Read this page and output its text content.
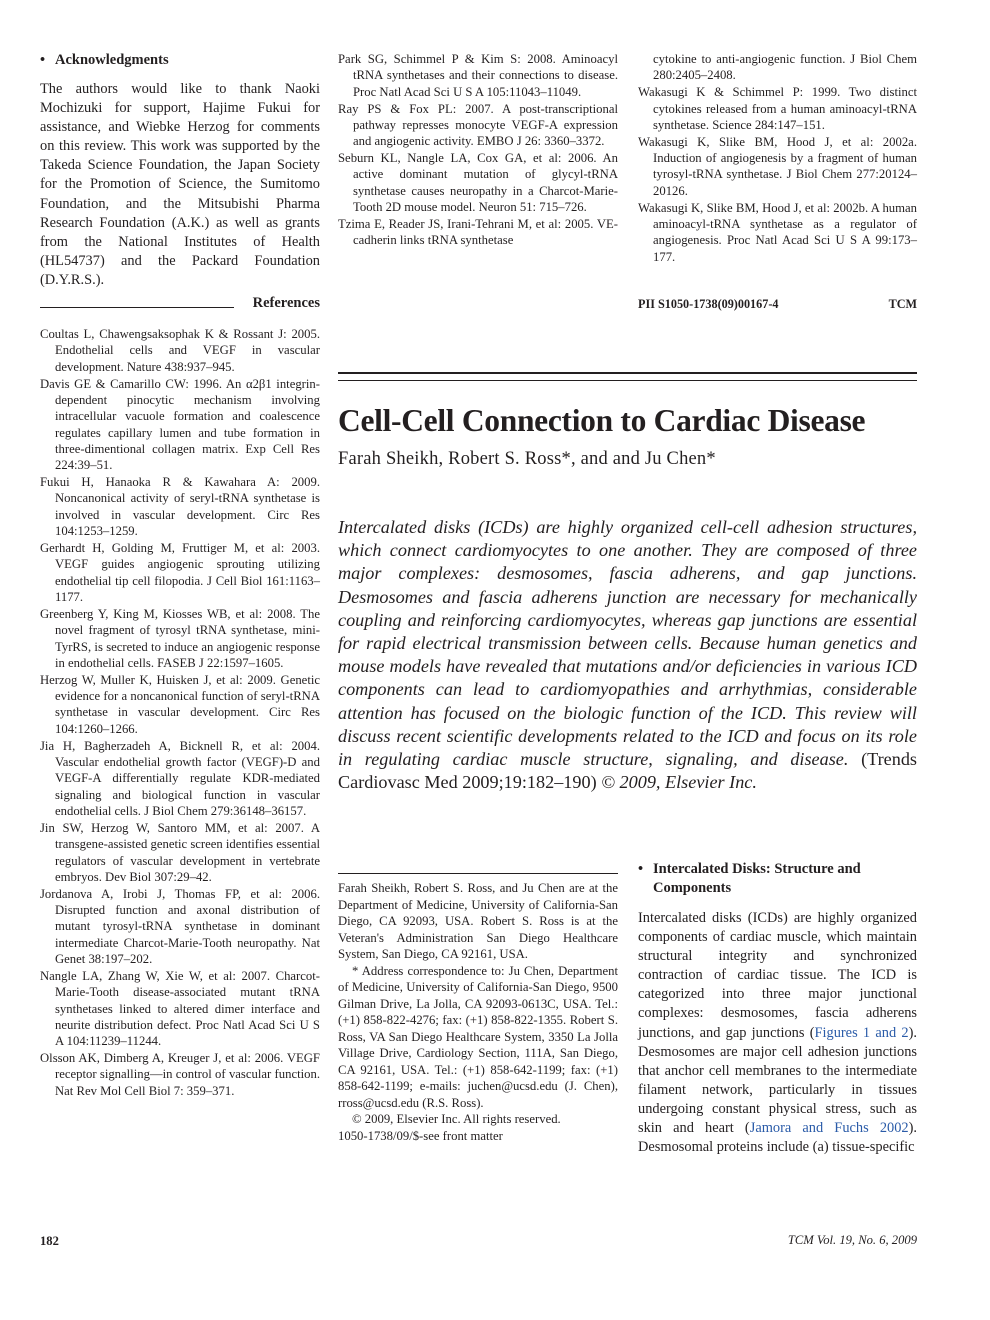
• Acknowledgments
The authors would like to thank Naoki Mochizuki for support, Hajime Fukui for assistance, and Wiebke Herzog for comments on this review. This work was supported by the Takeda Science Foundation, the Japan Society for the Promotion of Science, the Sumitomo Foundation, and the Mitsubishi Pharma Research Foundation (A.K.) as well as grants from the National Institutes of Health (HL54737) and the Packard Foundation (D.Y.R.S.).
References
Coultas L, Chawengsaksophak K & Rossant J: 2005. Endothelial cells and VEGF in vascular development. Nature 438:937–945.
Davis GE & Camarillo CW: 1996. An α2β1 integrin-dependent pinocytic mechanism involving intracellular vacuole formation and coalescence regulates capillary lumen and tube formation in three-dimentional collagen matrix. Exp Cell Res 224:39–51.
Fukui H, Hanaoka R & Kawahara A: 2009. Noncanonical activity of seryl-tRNA synthetase is involved in vascular development. Circ Res 104:1253–1259.
Gerhardt H, Golding M, Fruttiger M, et al: 2003. VEGF guides angiogenic sprouting utilizing endothelial tip cell filopodia. J Cell Biol 161:1163–1177.
Greenberg Y, King M, Kiosses WB, et al: 2008. The novel fragment of tyrosyl tRNA synthetase, mini-TyrRS, is secreted to induce an angiogenic response in endothelial cells. FASEB J 22:1597–1605.
Herzog W, Muller K, Huisken J, et al: 2009. Genetic evidence for a noncanonical function of seryl-tRNA synthetase in vascular development. Circ Res 104:1260–1266.
Jia H, Bagherzadeh A, Bicknell R, et al: 2004. Vascular endothelial growth factor (VEGF)-D and VEGF-A differentially regulate KDR-mediated signaling and biological function in vascular endothelial cells. J Biol Chem 279:36148–36157.
Jin SW, Herzog W, Santoro MM, et al: 2007. A transgene-assisted genetic screen identifies essential regulators of vascular development in vertebrate embryos. Dev Biol 307:29–42.
Jordanova A, Irobi J, Thomas FP, et al: 2006. Disrupted function and axonal distribution of mutant tyrosyl-tRNA synthetase in dominant intermediate Charcot-Marie-Tooth neuropathy. Nat Genet 38:197–202.
Nangle LA, Zhang W, Xie W, et al: 2007. Charcot-Marie-Tooth disease-associated mutant tRNA synthetases linked to altered dimer interface and neurite distribution defect. Proc Natl Acad Sci U S A 104:11239–11244.
Olsson AK, Dimberg A, Kreuger J, et al: 2006. VEGF receptor signalling—in control of vascular function. Nat Rev Mol Cell Biol 7: 359–371.
Park SG, Schimmel P & Kim S: 2008. Aminoacyl tRNA synthetases and their connections to disease. Proc Natl Acad Sci U S A 105:11043–11049.
Ray PS & Fox PL: 2007. A post-transcriptional pathway represses monocyte VEGF-A expression and angiogenic activity. EMBO J 26: 3360–3372.
Seburn KL, Nangle LA, Cox GA, et al: 2006. An active dominant mutation of glycyl-tRNA synthetase causes neuropathy in a Charcot-Marie-Tooth 2D mouse model. Neuron 51: 715–726.
Tzima E, Reader JS, Irani-Tehrani M, et al: 2005. VE-cadherin links tRNA synthetase
cytokine to anti-angiogenic function. J Biol Chem 280:2405–2408.
Wakasugi K & Schimmel P: 1999. Two distinct cytokines released from a human aminoacyl-tRNA synthetase. Science 284:147–151.
Wakasugi K, Slike BM, Hood J, et al: 2002a. Induction of angiogenesis by a fragment of human tyrosyl-tRNA synthetase. J Biol Chem 277:20124–20126.
Wakasugi K, Slike BM, Hood J, et al: 2002b. A human aminoacyl-tRNA synthetase as a regulator of angiogenesis. Proc Natl Acad Sci U S A 99:173–177.
PII S1050-1738(09)00167-4	TCM
Cell-Cell Connection to Cardiac Disease
Farah Sheikh, Robert S. Ross*, and and Ju Chen*
Intercalated disks (ICDs) are highly organized cell-cell adhesion structures, which connect cardiomyocytes to one another. They are composed of three major complexes: desmosomes, fascia adherens, and gap junctions. Desmosomes and fascia adherens junction are necessary for mechanically coupling and reinforcing cardiomyocytes, whereas gap junctions are essential for rapid electrical transmission between cells. Because human genetics and mouse models have revealed that mutations and/or deficiencies in various ICD components can lead to cardiomyopathies and arrhythmias, considerable attention has focused on the biologic function of the ICD. This review will discuss recent scientific developments related to the ICD and focus on its role in regulating cardiac muscle structure, signaling, and disease. (Trends Cardiovasc Med 2009;19:182–190) © 2009, Elsevier Inc.
Farah Sheikh, Robert S. Ross, and Ju Chen are at the Department of Medicine, University of California-San Diego, CA 92093, USA. Robert S. Ross is at the Veteran's Administration San Diego Healthcare System, San Diego, CA 92161, USA.
* Address correspondence to: Ju Chen, Department of Medicine, University of California-San Diego, 9500 Gilman Drive, La Jolla, CA 92093-0613C, USA. Tel.: (+1) 858-822-4276; fax: (+1) 858-822-1355. Robert S. Ross, VA San Diego Healthcare System, 3350 La Jolla Village Drive, Cardiology Section, 111A, San Diego, CA 92161, USA. Tel.: (+1) 858-642-1199; fax: (+1) 858-642-1199; e-mails: juchen@ucsd.edu (J. Chen), rross@ucsd.edu (R.S. Ross).
© 2009, Elsevier Inc. All rights reserved.
1050-1738/09/$-see front matter
• Intercalated Disks: Structure and Components
Intercalated disks (ICDs) are highly organized components of cardiac muscle, which maintain structural integrity and synchronized contraction of cardiac tissue. The ICD is categorized into three major junctional complexes: desmosomes, fascia adherens junctions, and gap junctions (Figures 1 and 2). Desmosomes are major cell adhesion junctions that anchor cell membranes to the intermediate filament network, particularly in tissues undergoing constant physical stress, such as skin and heart (Jamora and Fuchs 2002). Desmosomal proteins include (a) tissue-specific
182	TCM Vol. 19, No. 6, 2009
